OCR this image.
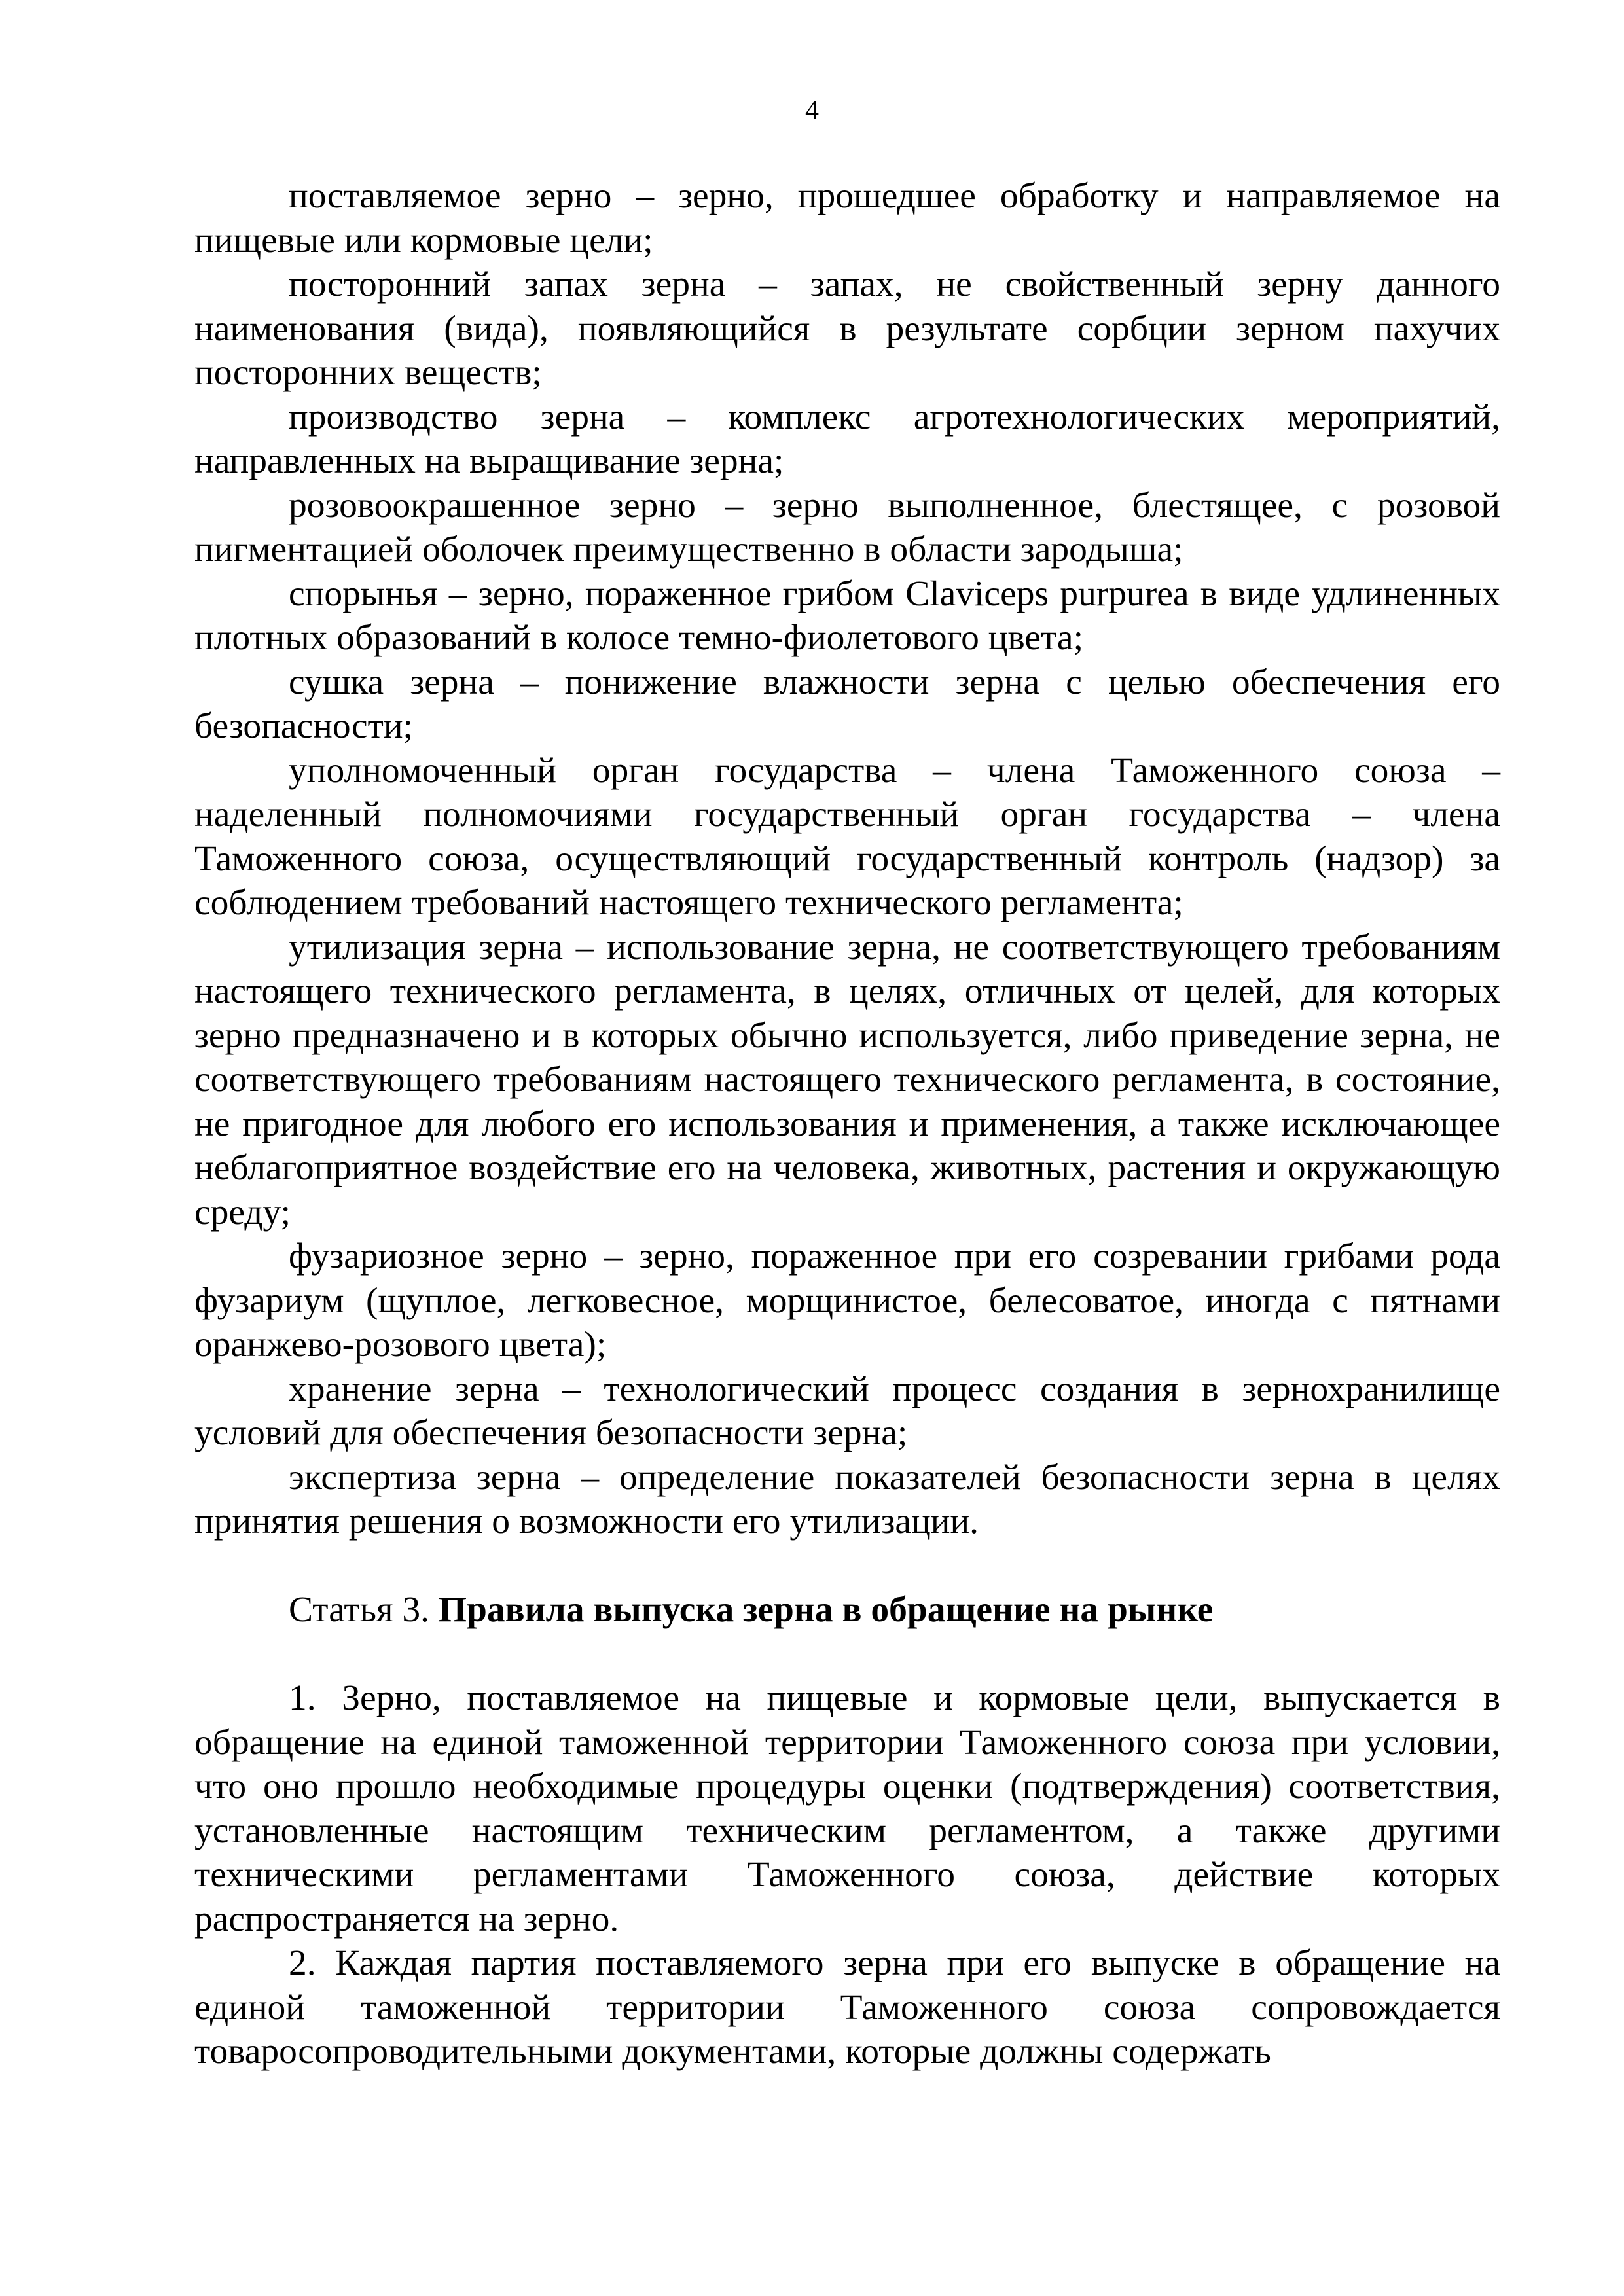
4

поставляемое зерно – зерно, прошедшее обработку и направляемое на пищевые или кормовые цели;

посторонний запах зерна – запах, не свойственный зерну данного наименования (вида), появляющийся в результате сорбции зерном пахучих посторонних веществ;

производство зерна – комплекс агротехнологических мероприятий, направленных на выращивание зерна;

розовоокрашенное зерно – зерно выполненное, блестящее, с розовой пигментацией оболочек преимущественно в области зародыша;

спорынья – зерно, пораженное грибом Claviceps purpurea в виде удлиненных плотных образований в колосе темно-фиолетового цвета;

сушка зерна – понижение влажности зерна с целью обеспечения его безопасности;

уполномоченный орган государства – члена Таможенного союза – наделенный полномочиями государственный орган государства – члена Таможенного союза, осуществляющий государственный контроль (надзор) за соблюдением требований настоящего технического регламента;

утилизация зерна – использование зерна, не соответствующего требованиям настоящего технического регламента, в целях, отличных от целей, для которых зерно предназначено и в которых обычно используется, либо приведение зерна, не соответствующего требованиям настоящего технического регламента, в состояние, не пригодное для любого его использования и применения, а также исключающее неблагоприятное воздействие его на человека, животных, растения и окружающую среду;

фузариозное зерно – зерно, пораженное при его созревании грибами рода фузариум (щуплое, легковесное, морщинистое, белесоватое, иногда с пятнами оранжево-розового цвета);

хранение зерна – технологический процесс создания в зернохранилище условий для обеспечения безопасности зерна;

экспертиза зерна – определение показателей безопасности зерна в целях принятия решения о возможности его утилизации.

Статья 3. Правила выпуска зерна в обращение на рынке

1. Зерно, поставляемое на пищевые и кормовые цели, выпускается в обращение на единой таможенной территории Таможенного союза при условии, что оно прошло необходимые процедуры оценки (подтверждения) соответствия, установленные настоящим техническим регламентом, а также другими техническими регламентами Таможенного союза, действие которых распространяется на зерно.

2. Каждая партия поставляемого зерна при его выпуске в обращение на единой таможенной территории Таможенного союза сопровождается товаросопроводительными документами, которые должны содержать
